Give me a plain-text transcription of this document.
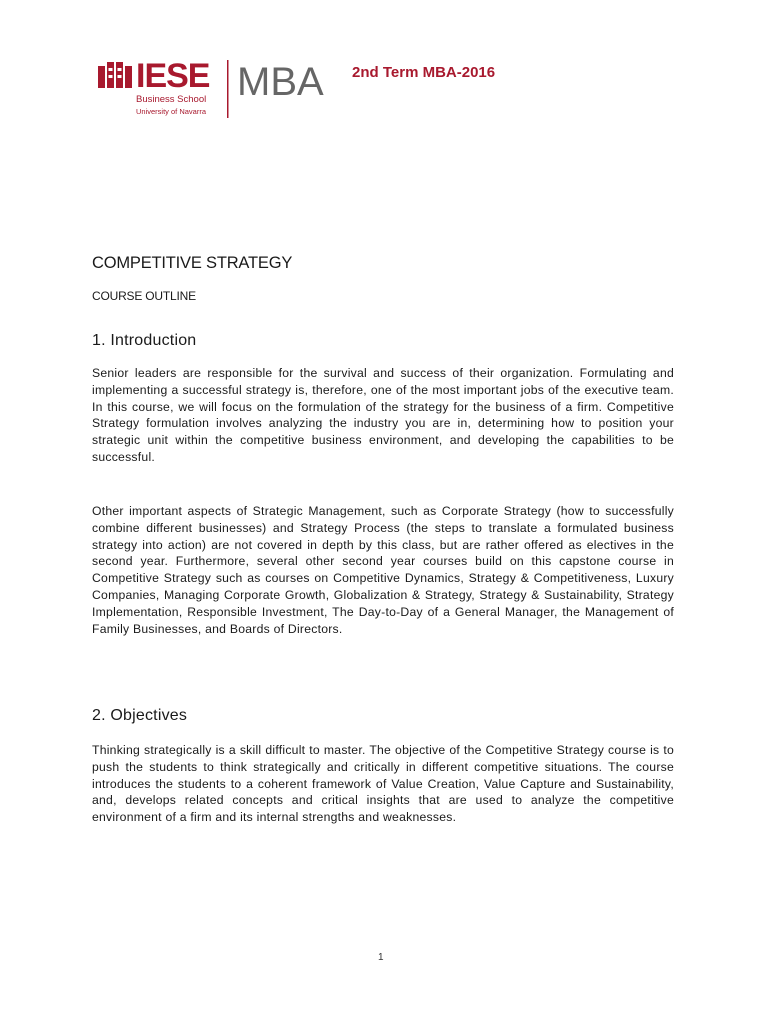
IESE
Business School
University of Navarra
MBA 2nd Term MBA-2016
COMPETITIVE STRATEGY
COURSE OUTLINE
1. Introduction

Senior leaders are responsible for the survival and success of their organization. Formulating and implementing a successful strategy is, therefore, one of the most important jobs of the executive team. In this course, we will focus on the formulation of the strategy for the business of a firm. Competitive Strategy formulation involves analyzing the industry you are in, determining how to position your strategic unit within the competitive business environment, and developing the capabilities to be successful.

Other important aspects of Strategic Management, such as Corporate Strategy (how to successfully combine different businesses) and Strategy Process (the steps to translate a formulated business strategy into action) are not covered in depth by this class, but are rather offered as electives in the second year. Furthermore, several other second year courses build on this capstone course in Competitive Strategy such as courses on Competitive Dynamics, Strategy & Competitiveness, Luxury Companies, Managing Corporate Growth, Globalization & Strategy, Strategy & Sustainability, Strategy Implementation, Responsible Investment, The Day-to-Day of a General Manager, the Management of Family Businesses, and Boards of Directors.

2. Objectives

Thinking strategically is a skill difficult to master. The objective of the Competitive Strategy course is to push the students to think strategically and critically in different competitive situations. The course introduces the students to a coherent framework of Value Creation, Value Capture and Sustainability, and, develops related concepts and critical insights that are used to analyze the competitive environment of a firm and its internal strengths and weaknesses.

1
